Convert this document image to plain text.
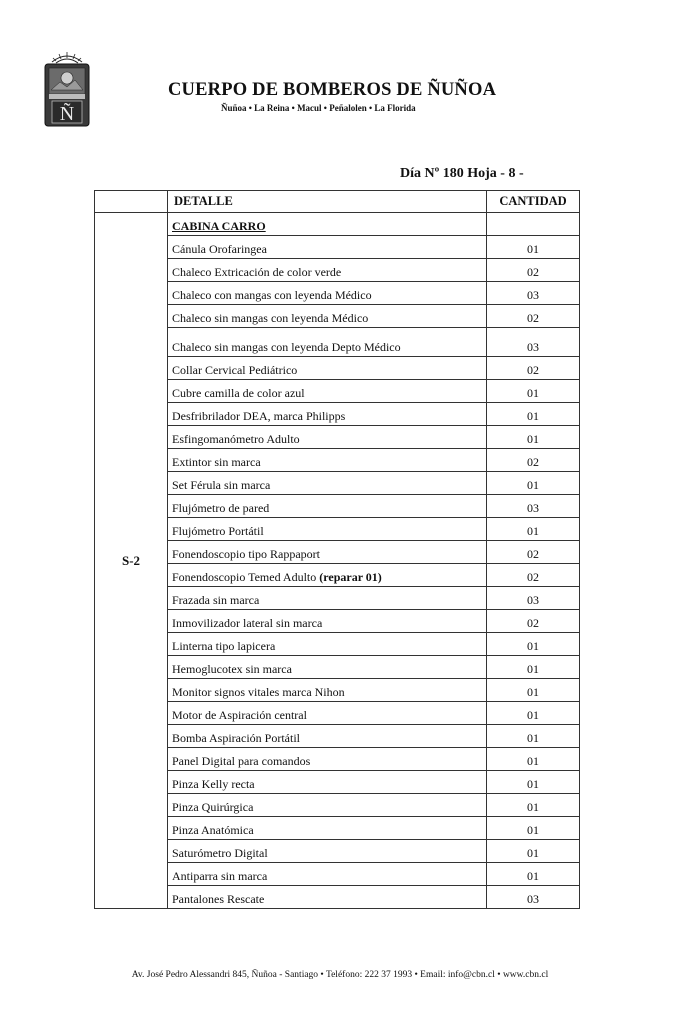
Ñ
CUERPO DE BOMBEROS DE ÑUÑOA
Ñuñoa • La Reina • Macul • Peñalolen • La Florida
Día Nº 180 Hoja - 8 -
	DETALLE	CANTIDAD
S-2	CABINA CARRO	
	Cánula Orofaringea	01
	Chaleco Extricación de color verde	02
	Chaleco con mangas con leyenda Médico	03
	Chaleco sin mangas con leyenda Médico	02
	Chaleco sin mangas con leyenda Depto Médico	03
	Collar Cervical Pediátrico	02
	Cubre camilla de color azul	01
	Desfribrilador DEA, marca Philipps	01
	Esfingomanómetro Adulto	01
	Extintor sin marca	02
	Set Férula sin marca	01
	Flujómetro de pared	03
	Flujómetro Portátil	01
	Fonendoscopio tipo Rappaport	02
	Fonendoscopio Temed Adulto (reparar 01)	02
	Frazada sin marca	03
	Inmovilizador lateral sin marca	02
	Linterna tipo lapicera	01
	Hemoglucotex sin marca	01
	Monitor signos vitales marca Nihon	01
	Motor de Aspiración central	01
	Bomba Aspiración Portátil	01
	Panel Digital para comandos	01
	Pinza Kelly recta	01
	Pinza Quirúrgica	01
	Pinza Anatómica	01
	Saturómetro Digital	01
	Antiparra sin marca	01
	Pantalones Rescate	03
Av. José Pedro Alessandri 845, Ñuñoa - Santiago • Teléfono: 222 37 1993 • Email: info@cbn.cl • www.cbn.cl
